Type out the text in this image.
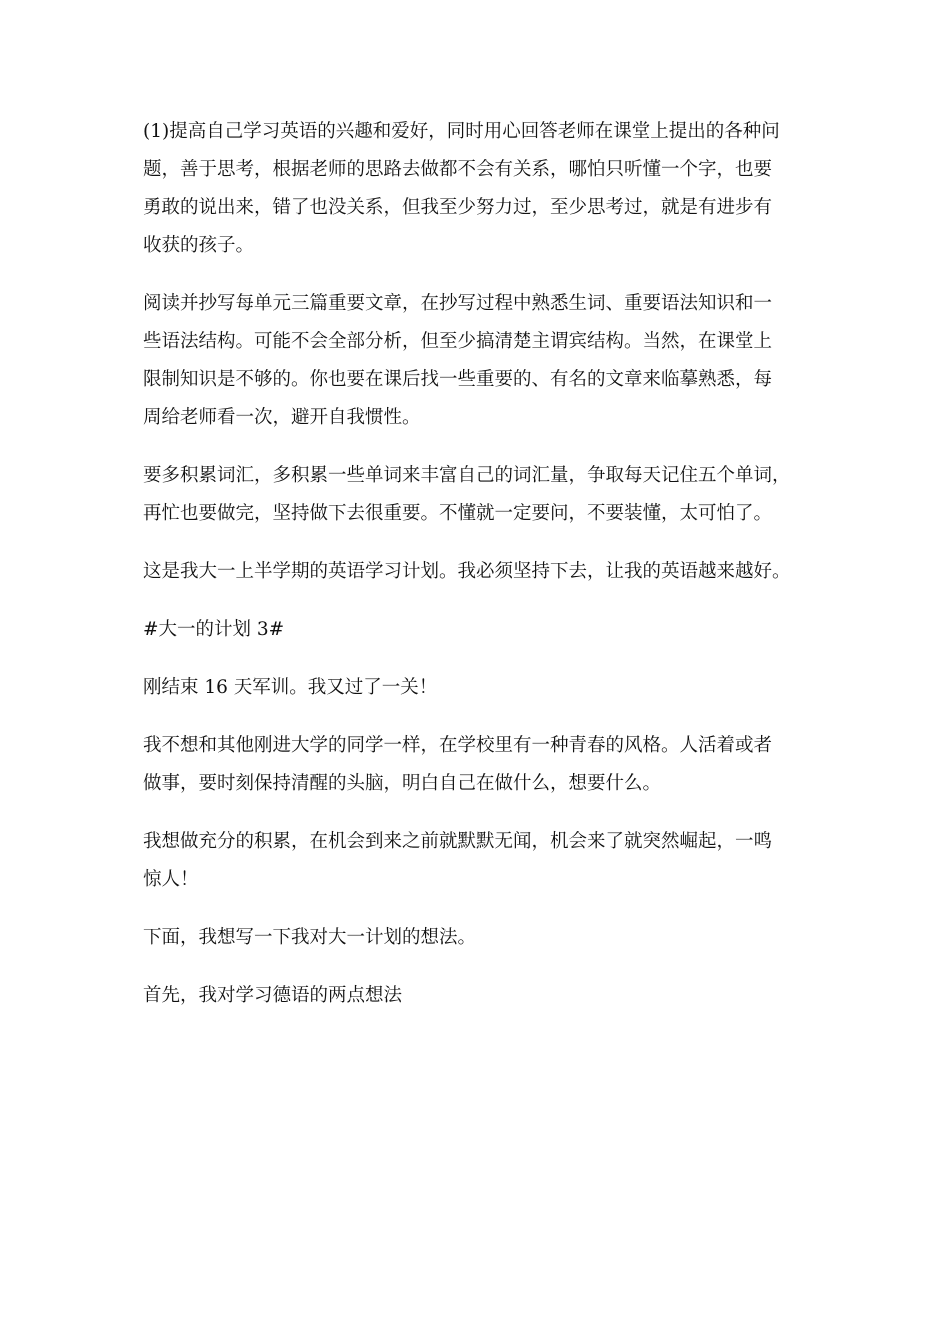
(1)提高自己学习英语的兴趣和爱好，同时用心回答老师在课堂上提出的各种问
题，善于思考，根据老师的思路去做都不会有关系，哪怕只听懂一个字，也要
勇敢的说出来，错了也没关系，但我至少努力过，至少思考过，就是有进步有
收获的孩子。

阅读并抄写每单元三篇重要文章，在抄写过程中熟悉生词、重要语法知识和一
些语法结构。可能不会全部分析，但至少搞清楚主谓宾结构。当然，在课堂上
限制知识是不够的。你也要在课后找一些重要的、有名的文章来临摹熟悉，每
周给老师看一次，避开自我惯性。

要多积累词汇，多积累一些单词来丰富自己的词汇量，争取每天记住五个单词，
再忙也要做完，坚持做下去很重要。不懂就一定要问，不要装懂，太可怕了。

这是我大一上半学期的英语学习计划。我必须坚持下去，让我的英语越来越好。

#大一的计划 3#

刚结束 16 天军训。我又过了一关！

我不想和其他刚进大学的同学一样，在学校里有一种青春的风格。人活着或者
做事，要时刻保持清醒的头脑，明白自己在做什么，想要什么。

我想做充分的积累，在机会到来之前就默默无闻，机会来了就突然崛起，一鸣
惊人！

下面，我想写一下我对大一计划的想法。

首先，我对学习德语的两点想法
